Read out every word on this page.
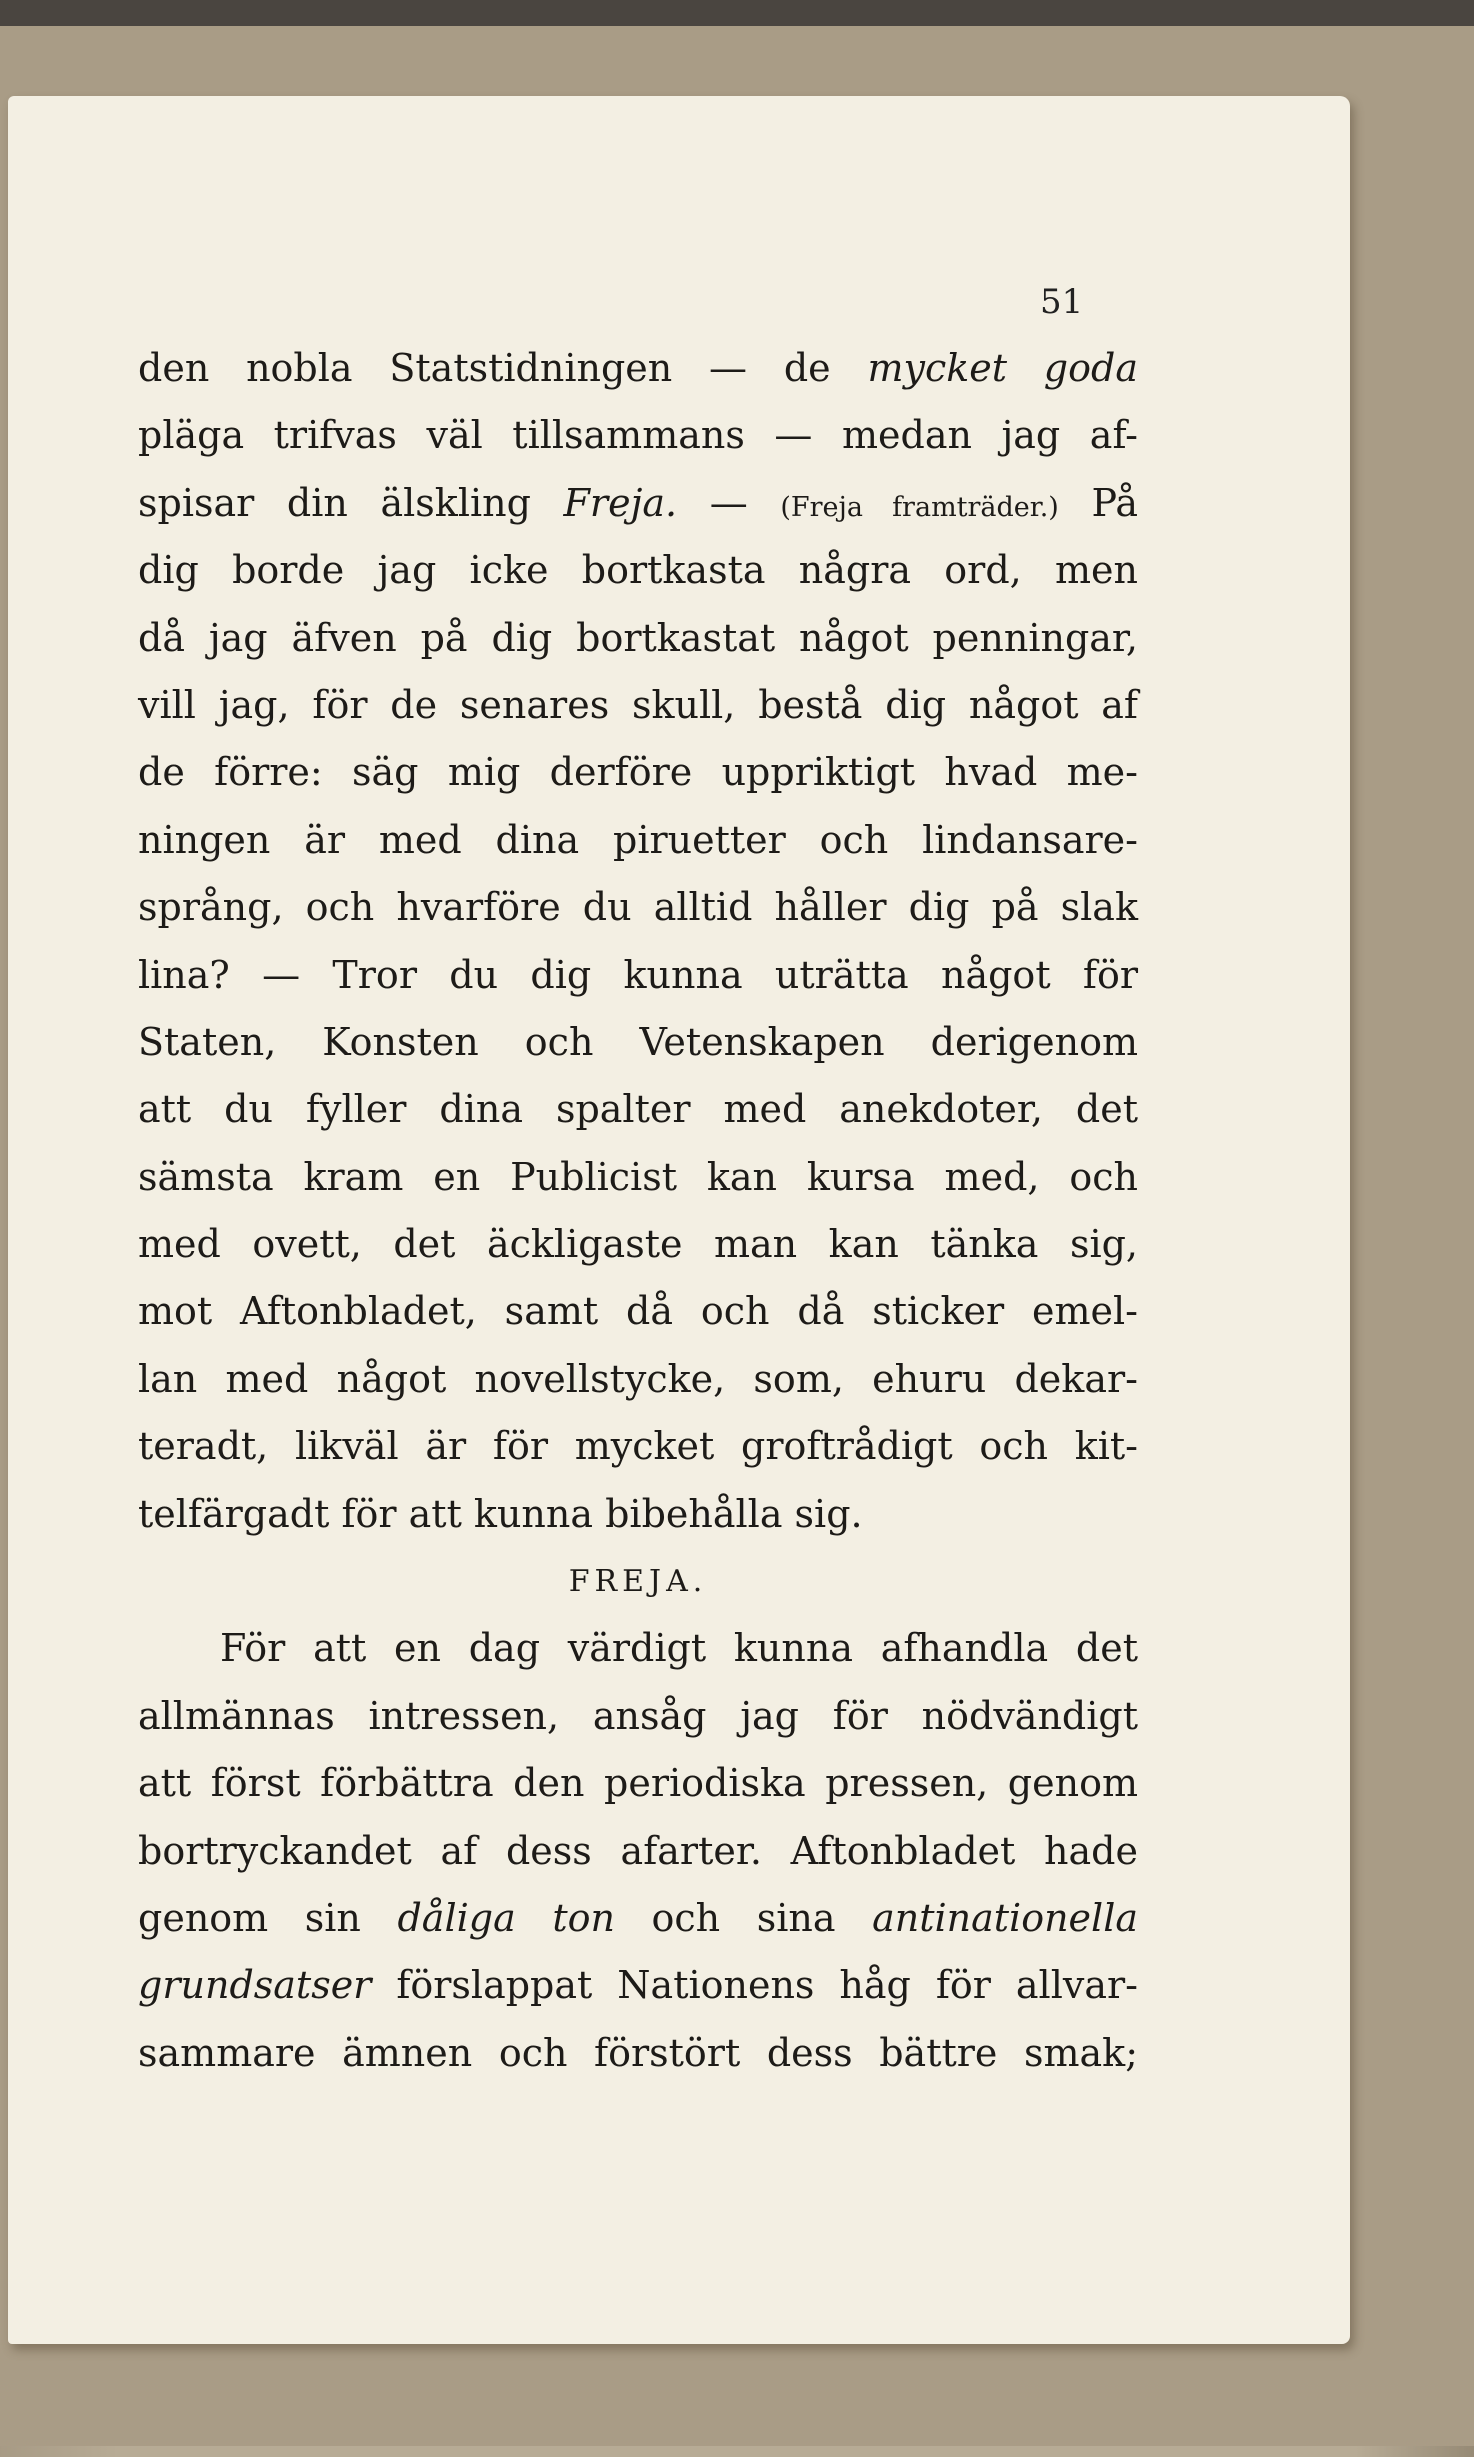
51
den nobla Statstidningen — de mycket goda
pläga trifvas väl tillsammans — medan jag af-
spisar din älskling Freja. — (Freja framträder.) På
dig borde jag icke bortkasta några ord, men
då jag äfven på dig bortkastat något penningar,
vill jag, för de senares skull, bestå dig något af
de förre: säg mig derföre uppriktigt hvad me-
ningen är med dina piruetter och lindansare-
språng, och hvarföre du alltid håller dig på slak
lina? — Tror du dig kunna uträtta något för
Staten, Konsten och Vetenskapen derigenom
att du fyller dina spalter med anekdoter, det
sämsta kram en Publicist kan kursa med, och
med ovett, det äckligaste man kan tänka sig,
mot Aftonbladet, samt då och då sticker emel-
lan med något novellstycke, som, ehuru dekar-
teradt, likväl är för mycket groftrådigt och kit-
telfärgadt för att kunna bibehålla sig.
FREJA.
För att en dag värdigt kunna afhandla det
allmännas intressen, ansåg jag för nödvändigt
att först förbättra den periodiska pressen, genom
bortryckandet af dess afarter. Aftonbladet hade
genom sin dåliga ton och sina antinationella
grundsatser förslappat Nationens håg för allvar-
sammare ämnen och förstört dess bättre smak;
